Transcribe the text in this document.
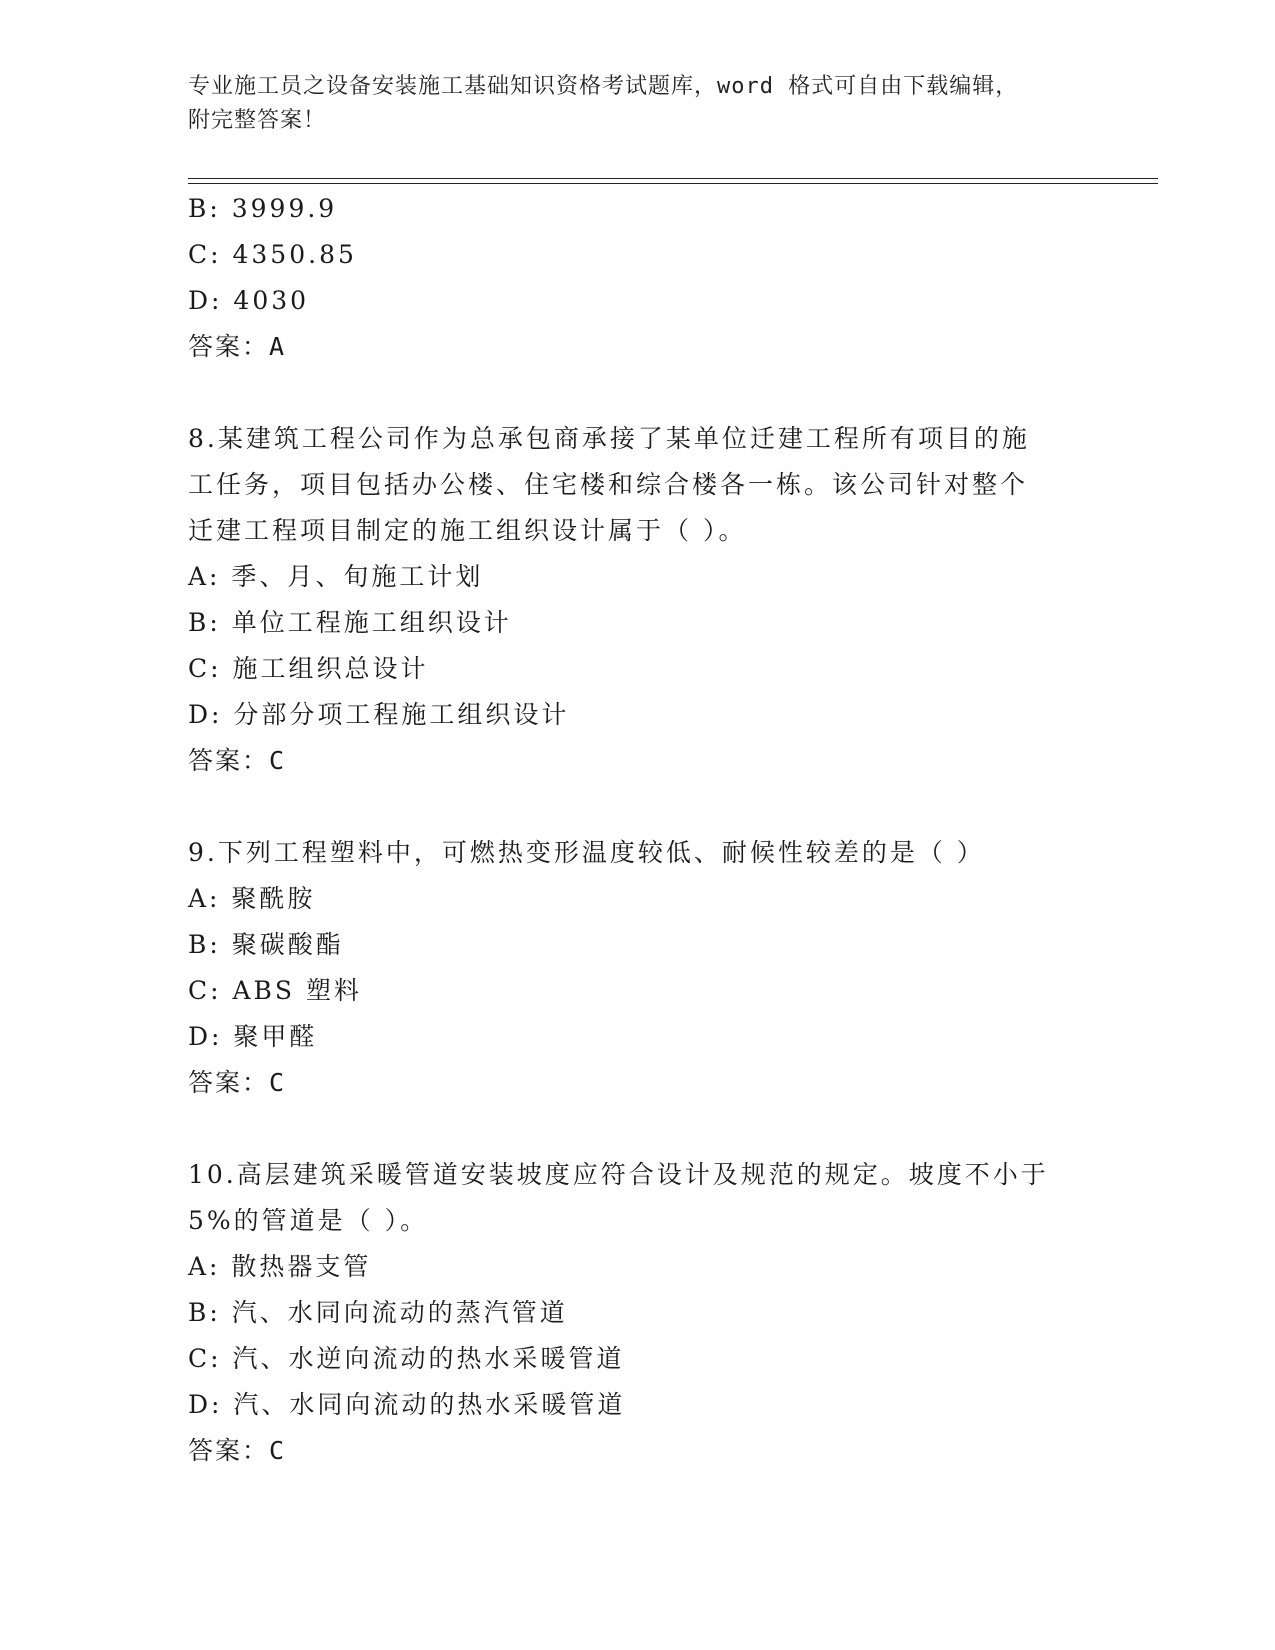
专业施工员之设备安装施工基础知识资格考试题库，word 格式可自由下载编辑，

附完整答案！

B: 3999.9

C: 4350.85

D: 4030

答案：A

8.某建筑工程公司作为总承包商承接了某单位迁建工程所有项目的施

工任务，项目包括办公楼、住宅楼和综合楼各一栋。该公司针对整个

迁建工程项目制定的施工组织设计属于（ ）。

A: 季、月、旬施工计划

B: 单位工程施工组织设计

C: 施工组织总设计

D: 分部分项工程施工组织设计

答案：C

9.下列工程塑料中，可燃热变形温度较低、耐候性较差的是（ ）

A: 聚酰胺

B: 聚碳酸酯

C: ABS 塑料

D: 聚甲醛

答案：C

10.高层建筑采暖管道安装坡度应符合设计及规范的规定。坡度不小于

5%的管道是（ ）。

A: 散热器支管

B: 汽、水同向流动的蒸汽管道

C: 汽、水逆向流动的热水采暖管道

D: 汽、水同向流动的热水采暖管道

答案：C
